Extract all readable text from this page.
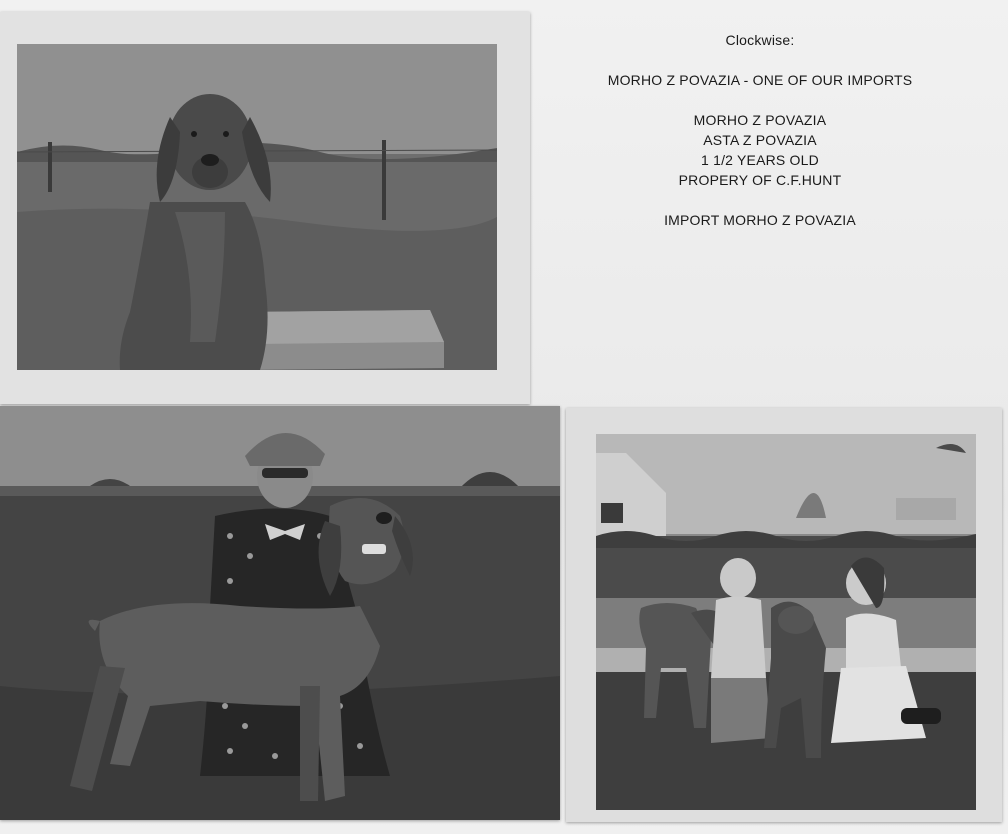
Clockwise:
MORHO Z POVAZIA - ONE OF OUR IMPORTS
MORHO Z POVAZIA
ASTA Z POVAZIA
1 1/2 YEARS OLD
PROPERY OF C.F.HUNT
IMPORT MORHO Z POVAZIA
